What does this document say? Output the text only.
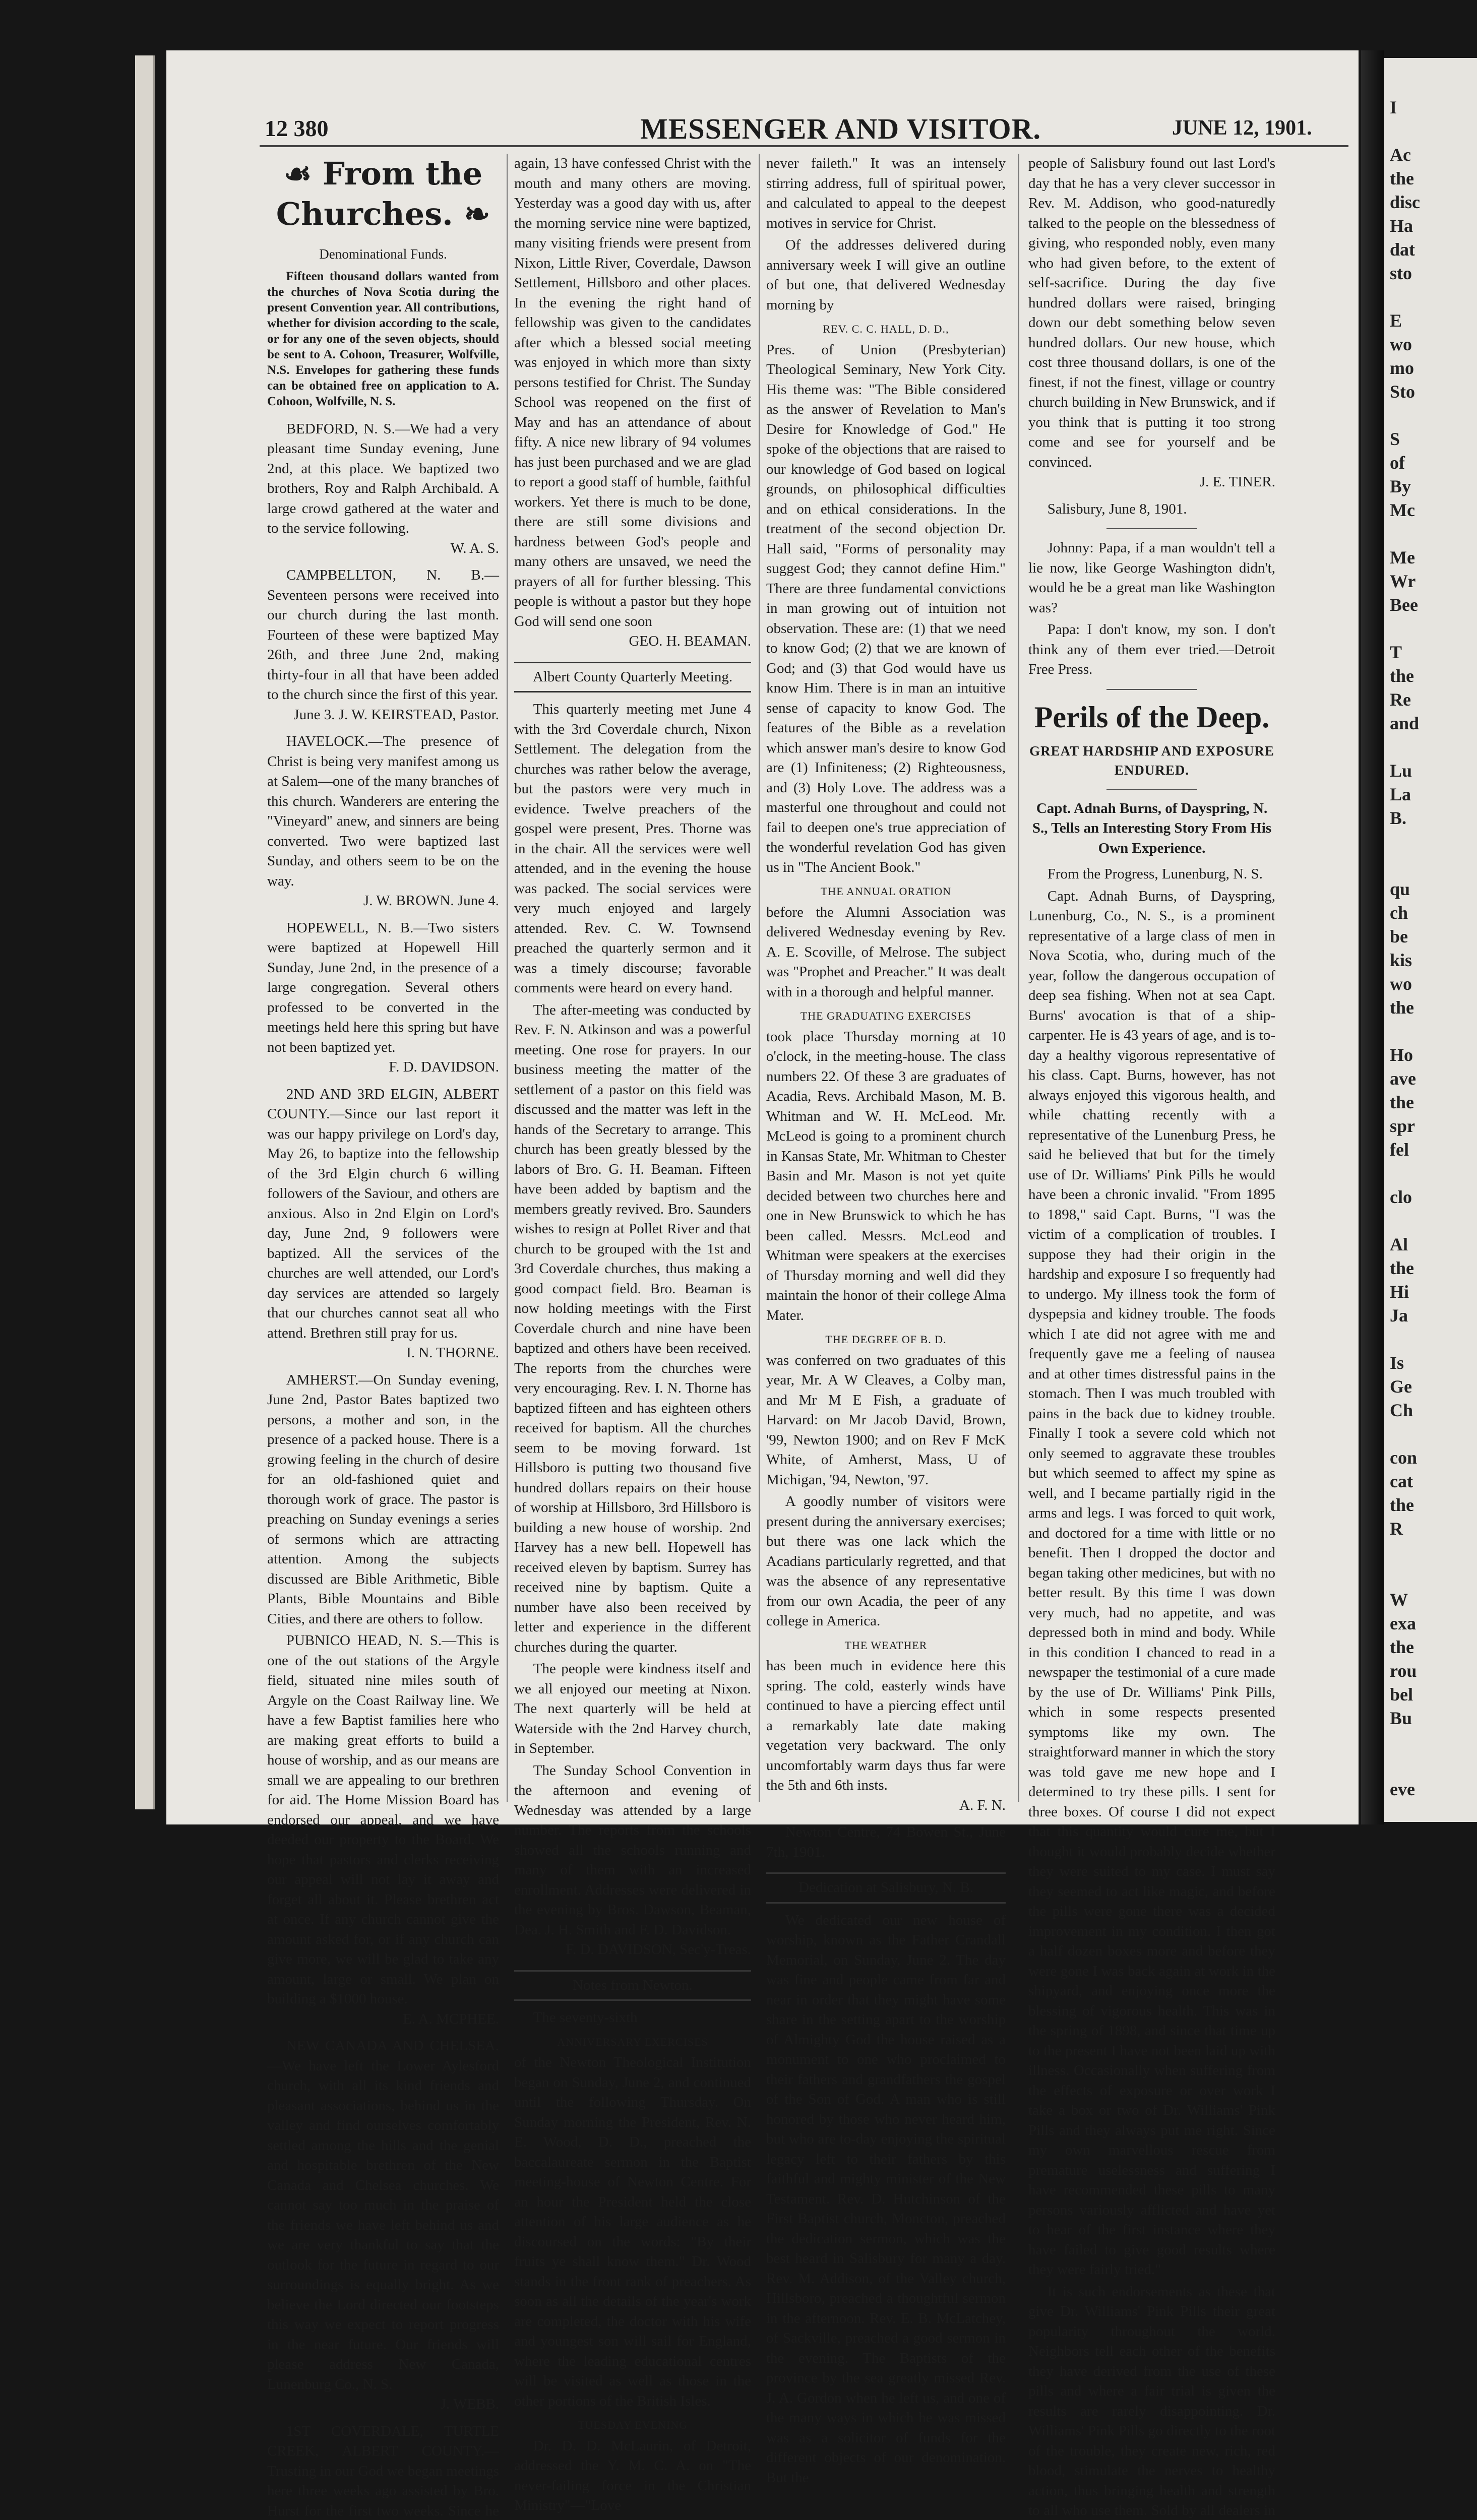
12 380	MESSENGER AND VISITOR.	JUNE 12, 1901.
☙ From the Churches. ❧
Denominational Funds.

Fifteen thousand dollars wanted from the churches of Nova Scotia during the present Convention year. All contributions, whether for division according to the scale, or for any one of the seven objects, should be sent to A. Cohoon, Treasurer, Wolfville, N.S. Envelopes for gathering these funds can be obtained free on application to A. Cohoon, Wolfville, N. S.

BEDFORD, N. S.—We had a very pleasant time Sunday evening, June 2nd, at this place. We baptized two brothers, Roy and Ralph Archibald. A large crowd gathered at the water and to the service following.

W. A. S.

CAMPBELLTON, N. B.—Seventeen persons were received into our church during the last month. Fourteen of these were baptized May 26th, and three June 2nd, making thirty-four in all that have been added to the church since the first of this year.

June 3. J. W. KEIRSTEAD, Pastor.

HAVELOCK.—The presence of Christ is being very manifest among us at Salem—one of the many branches of this church. Wanderers are entering the "Vineyard" anew, and sinners are being converted. Two were baptized last Sunday, and others seem to be on the way.

J. W. BROWN. June 4.

HOPEWELL, N. B.—Two sisters were baptized at Hopewell Hill Sunday, June 2nd, in the presence of a large congregation. Several others professed to be converted in the meetings held here this spring but have not been baptized yet.

F. D. DAVIDSON.

2ND AND 3RD ELGIN, ALBERT COUNTY.—Since our last report it was our happy privilege on Lord's day, May 26, to baptize into the fellowship of the 3rd Elgin church 6 willing followers of the Saviour, and others are anxious. Also in 2nd Elgin on Lord's day, June 2nd, 9 followers were baptized. All the services of the churches are well attended, our Lord's day services are attended so largely that our churches cannot seat all who attend. Brethren still pray for us.

I. N. THORNE.

AMHERST.—On Sunday evening, June 2nd, Pastor Bates baptized two persons, a mother and son, in the presence of a packed house. There is a growing feeling in the church of desire for an old-fashioned quiet and thorough work of grace. The pastor is preaching on Sunday evenings a series of sermons which are attracting attention. Among the subjects discussed are Bible Arithmetic, Bible Plants, Bible Mountains and Bible Cities, and there are others to follow.

PUBNICO HEAD, N. S.—This is one of the out stations of the Argyle field, situated nine miles south of Argyle on the Coast Railway line. We have a few Baptist families here who are making great efforts to build a house of worship, and as our means are small we are appealing to our brethren for aid. The Home Mission Board has endorsed our appeal, and we have deeded our property to the Board. We hope that pastors and clerks receiving our appeal will not lay it away and forget all about it. Please brethren act at once. If any church cannot give the amount asked for, or if any church can give more, we will be glad to take any amount, large or small. We plan on building a $1000 house.

E. A. MCPHEE.

NEW CANADA AND CHELSEA.—We have left the Lower Aylesford church, with all its kind friends and pleasant associations, behind us in the valley and find ourselves comfortably settled among the hills and the genial and hospitable brethren of the New Canada and Chelsea churches. We cannot say too much in the praise of the friends we have left behind us and we are very thankful to say that the outlook for the future in regard to our surroundings is equally bright. As we believe the Lord directed our footsteps this way we expect to report progress in the near future. Our friends will please address New Canada, Lunenburg Co., N. S.

J. WEBB.

1ST COVERDALE, TURTLE CREEK, ALBERT COUNTY.—Trusting in our God we began meetings here three weeks ago assisted by Bro. Hurst for the first two weeks. Since he

again, 13 have confessed Christ with the mouth and many others are moving. Yesterday was a good day with us, after the morning service nine were baptized, many visiting friends were present from Nixon, Little River, Coverdale, Dawson Settlement, Hillsboro and other places. In the evening the right hand of fellowship was given to the candidates after which a blessed social meeting was enjoyed in which more than sixty persons testified for Christ. The Sunday School was reopened on the first of May and has an attendance of about fifty. A nice new library of 94 volumes has just been purchased and we are glad to report a good staff of humble, faithful workers. Yet there is much to be done, there are still some divisions and hardness between God's people and many others are unsaved, we need the prayers of all for further blessing. This people is without a pastor but they hope God will send one soon

GEO. H. BEAMAN.

Albert County Quarterly Meeting.

This quarterly meeting met June 4 with the 3rd Coverdale church, Nixon Settlement. The delegation from the churches was rather below the average, but the pastors were very much in evidence. Twelve preachers of the gospel were present, Pres. Thorne was in the chair. All the services were well attended, and in the evening the house was packed. The social services were very much enjoyed and largely attended. Rev. C. W. Townsend preached the quarterly sermon and it was a timely discourse; favorable comments were heard on every hand.

The after-meeting was conducted by Rev. F. N. Atkinson and was a powerful meeting. One rose for prayers. In our business meeting the matter of the settlement of a pastor on this field was discussed and the matter was left in the hands of the Secretary to arrange. This church has been greatly blessed by the labors of Bro. G. H. Beaman. Fifteen have been added by baptism and the members greatly revived. Bro. Saunders wishes to resign at Pollet River and that church to be grouped with the 1st and 3rd Coverdale churches, thus making a good compact field. Bro. Beaman is now holding meetings with the First Coverdale church and nine have been baptized and others have been received. The reports from the churches were very encouraging. Rev. I. N. Thorne has baptized fifteen and has eighteen others received for baptism. All the churches seem to be moving forward. 1st Hillsboro is putting two thousand five hundred dollars repairs on their house of worship at Hillsboro, 3rd Hillsboro is building a new house of worship. 2nd Harvey has a new bell. Hopewell has received eleven by baptism. Surrey has received nine by baptism. Quite a number have also been received by letter and experience in the different churches during the quarter.

The people were kindness itself and we all enjoyed our meeting at Nixon. The next quarterly will be held at Waterside with the 2nd Harvey church, in September.

The Sunday School Convention in the afternoon and evening of Wednesday was attended by a large number. The reports from the schools showed all the schools running and many of them with an increased enrollment. Addresses were delivered in the evening by Bros. Dawson, Beaman, Dea. J. H. Smith and F. D. Davidson.

F. D. DAVIDSON, Sec'y-Treas.

Notes from Newton.

The seventy-sixth

ANNIVERSARY EXERCISES

of the Newton Theological Institution began on Sunday, June 2, and continued until the following Thursday. On Sunday morning the President, Rev. N. E. Wood, D. D., preached the baccalaureate sermon in the Baptist meeting-house of Newton Centre. For an hour the President held the close attention of his large audience as he discoursed on the words: "By their fruits ye shall know them." Dr. Wood stands in the front rank of preachers. As soon as all the details of the year's work are completed, the doctor with his wife and youngest son will sail for England, where the leading educational centres will be visited as well as those in the other portions of the British Isles.

TUESDAY EVENING

Dr. D. D. McLaurin, of Detroit, addressed the Y. M. C. A. on "The never-failing force in the Christian Ministry"—"Love

never faileth." It was an intensely stirring address, full of spiritual power, and calculated to appeal to the deepest motives in service for Christ.

Of the addresses delivered during anniversary week I will give an outline of but one, that delivered Wednesday morning by

REV. C. C. HALL, D. D.,

Pres. of Union (Presbyterian) Theological Seminary, New York City. His theme was: "The Bible considered as the answer of Revelation to Man's Desire for Knowledge of God." He spoke of the objections that are raised to our knowledge of God based on logical grounds, on philosophical difficulties and on ethical considerations. In the treatment of the second objection Dr. Hall said, "Forms of personality may suggest God; they cannot define Him." There are three fundamental convictions in man growing out of intuition not observation. These are: (1) that we need to know God; (2) that we are known of God; and (3) that God would have us know Him. There is in man an intuitive sense of capacity to know God. The features of the Bible as a revelation which answer man's desire to know God are (1) Infiniteness; (2) Righteousness, and (3) Holy Love. The address was a masterful one throughout and could not fail to deepen one's true appreciation of the wonderful revelation God has given us in "The Ancient Book."

THE ANNUAL ORATION

before the Alumni Association was delivered Wednesday evening by Rev. A. E. Scoville, of Melrose. The subject was "Prophet and Preacher." It was dealt with in a thorough and helpful manner.

THE GRADUATING EXERCISES

took place Thursday morning at 10 o'clock, in the meeting-house. The class numbers 22. Of these 3 are graduates of Acadia, Revs. Archibald Mason, M. B. Whitman and W. H. McLeod. Mr. McLeod is going to a prominent church in Kansas State, Mr. Whitman to Chester Basin and Mr. Mason is not yet quite decided between two churches here and one in New Brunswick to which he has been called. Messrs. McLeod and Whitman were speakers at the exercises of Thursday morning and well did they maintain the honor of their college Alma Mater.

THE DEGREE OF B. D.

was conferred on two graduates of this year, Mr. A W Cleaves, a Colby man, and Mr M E Fish, a graduate of Harvard: on Mr Jacob David, Brown, '99, Newton 1900; and on Rev F McK White, of Amherst, Mass, U of Michigan, '94, Newton, '97.

A goodly number of visitors were present during the anniversary exercises; but there was one lack which the Acadians particularly regretted, and that was the absence of any representative from our own Acadia, the peer of any college in America.

THE WEATHER

has been much in evidence here this spring. The cold, easterly winds have continued to have a piercing effect until a remarkably late date making vegetation very backward. The only uncomfortably warm days thus far were the 5th and 6th insts.

A. F. N.

Newton Centre, 74 Bowen St., June 7th, 1901.

Dedication at Salisbury, N. B.

We dedicated our new house of worship, known as the Father Crandall Memorial, on Sunday, June 2. The day was fine and people came from far and near in order that they might have some share in the setting apart to the worship of Almighty God the house raised as a monument to one who proclaimed to their fathers and grandfathers the gospel of the Son of God. A man who is still honored by those who never heard him, but who are to-day enjoying the spiritual legacy left to their fathers by this faithful and mighty minister of the New Testament. Rev. D. Hutchinson of the First Baptist church, Moncton, preached the dedication sermon, which was the best heard in Salisbury for many a day. Rev. M. Addison, of the Valley church, Hillsboro, preached a thoughtful sermon in the afternoon. Rev. E. B. McLatchey, of Sackville, preached a good sermon in the evening. The Baptists of the province by the sea greatly missed Rev. J. A. Gordon when he left us, and one of the many ways in which he was missed was as a solicitor of funds for the different objects of our denomination. But the

people of Salisbury found out last Lord's day that he has a very clever successor in Rev. M. Addison, who good-naturedly talked to the people on the blessedness of giving, who responded nobly, even many who had given before, to the extent of self-sacrifice. During the day five hundred dollars were raised, bringing down our debt something below seven hundred dollars. Our new house, which cost three thousand dollars, is one of the finest, if not the finest, village or country church building in New Brunswick, and if you think that is putting it too strong come and see for yourself and be convinced.

J. E. TINER.

Salisbury, June 8, 1901.

Johnny: Papa, if a man wouldn't tell a lie now, like George Washington didn't, would he be a great man like Washington was?

Papa: I don't know, my son. I don't think any of them ever tried.—Detroit Free Press.

Perils of the Deep.
GREAT HARDSHIP AND EXPOSURE ENDURED.
Capt. Adnah Burns, of Dayspring, N. S., Tells an Interesting Story From His Own Experience.

From the Progress, Lunenburg, N. S.

Capt. Adnah Burns, of Dayspring, Lunenburg, Co., N. S., is a prominent representative of a large class of men in Nova Scotia, who, during much of the year, follow the dangerous occupation of deep sea fishing. When not at sea Capt. Burns' avocation is that of a ship-carpenter. He is 43 years of age, and is to-day a healthy vigorous representative of his class. Capt. Burns, however, has not always enjoyed this vigorous health, and while chatting recently with a representative of the Lunenburg Press, he said he believed that but for the timely use of Dr. Williams' Pink Pills he would have been a chronic invalid. "From 1895 to 1898," said Capt. Burns, "I was the victim of a complication of troubles. I suppose they had their origin in the hardship and exposure I so frequently had to undergo. My illness took the form of dyspepsia and kidney trouble. The foods which I ate did not agree with me and frequently gave me a feeling of nausea and at other times distressful pains in the stomach. Then I was much troubled with pains in the back due to kidney trouble. Finally I took a severe cold which not only seemed to aggravate these troubles but which seemed to affect my spine as well, and I became partially rigid in the arms and legs. I was forced to quit work, and doctored for a time with little or no benefit. Then I dropped the doctor and began taking other medicines, but with no better result. By this time I was down very much, had no appetite, and was depressed both in mind and body. While in this condition I chanced to read in a newspaper the testimonial of a cure made by the use of Dr. Williams' Pink Pills, which in some respects presented symptoms like my own. The straightforward manner in which the story was told gave me new hope and I determined to try these pills. I sent for three boxes. Of course I did not expect that this quantity would cure me, but I thought it would probably decide whether they were suited to my case. I must say they seemed to act like magic, and before the pills were gone there was a decided improvement in my condition. I then got a half dozen boxes more and before they were gone I was back again at work in the shipyard, and enjoying once more the blessing of vigorous health. This was in the spring of 1898, and since that time up to the present I have not been laid up with illness. Occasionally when suffering from the effects of exposure or over work I take a box or two of Dr. Williams' Pink Pills and they always put me right. Since my own marvellous rescue from premature uselessness and suffering I have recommended these pills to many persons variously afflicted and have yet to hear of the first instance where they have failed to give good results where they were fairly tried."

It is such endorsements as these that give Dr. Williams' Pink Pills their great popularity throughout the world. Neighbors tell each other of the benefits they have derived from the use of these pills and where a fair trial is given the results are rarely disappointing. Dr. Williams' Pink Pills go directly to the root of the trouble, they create new, rich, red blood, stimulate the nerves to healthy action, thus bringing health and strength to all who use them. Sold by all dealers in

I

Ac
the
disc
Ha
dat
sto

E
wo
mo
Sto

S
of
By
Mc

Me
Wr
Bee

T
the
Re
and

Lu
La
B.

qu
ch
be
kis
wo
the

Ho
ave
the
spr
fel

clo

Al
the
Hi
Ja

Is
Ge
Ch

con
cat
the
R

W
exa
the
rou
bel
Bu

eve
